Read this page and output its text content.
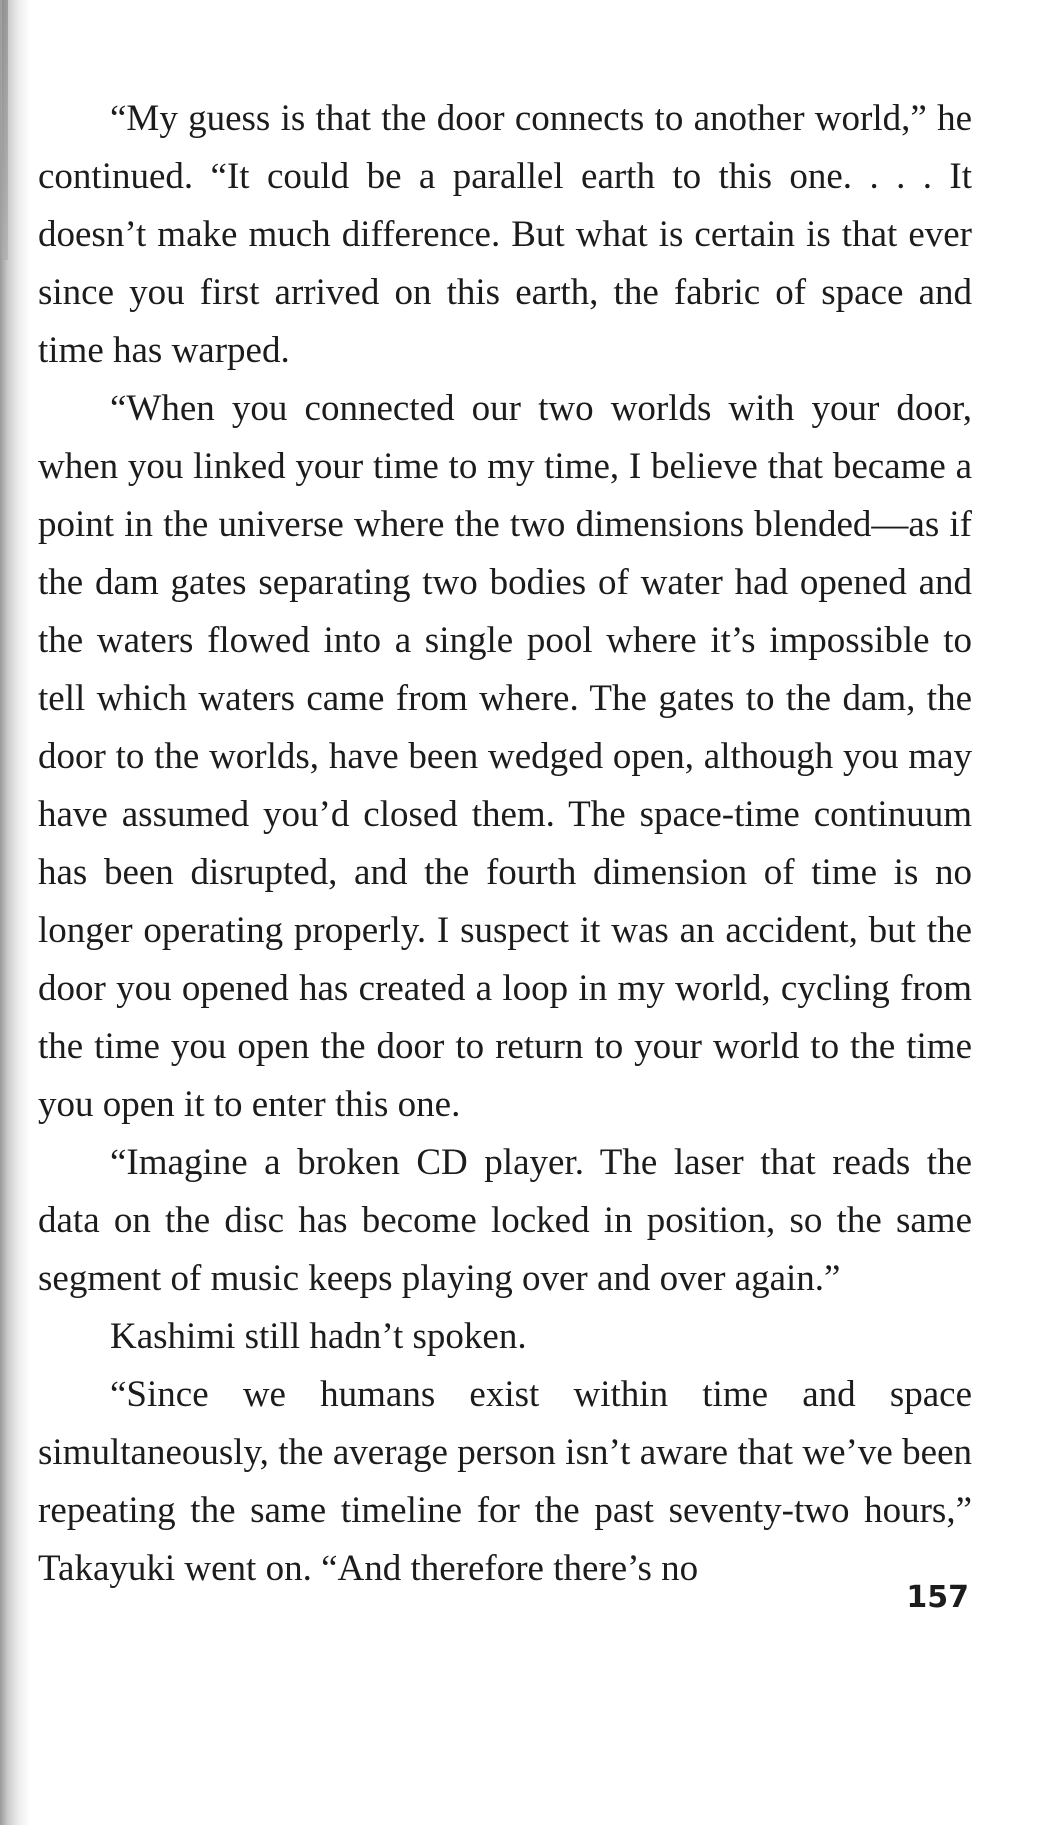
“My guess is that the door connects to another world,” he continued. “It could be a parallel earth to this one. . . . It doesn’t make much difference. But what is certain is that ever since you first arrived on this earth, the fabric of space and time has warped.

“When you connected our two worlds with your door, when you linked your time to my time, I believe that became a point in the universe where the two dimensions blended—as if the dam gates separating two bodies of water had opened and the waters flowed into a single pool where it’s impossible to tell which waters came from where. The gates to the dam, the door to the worlds, have been wedged open, although you may have assumed you’d closed them. The space-time continuum has been disrupted, and the fourth dimension of time is no longer operating properly. I suspect it was an accident, but the door you opened has created a loop in my world, cycling from the time you open the door to return to your world to the time you open it to enter this one.

“Imagine a broken CD player. The laser that reads the data on the disc has become locked in position, so the same segment of music keeps playing over and over again.”

Kashimi still hadn’t spoken.

“Since we humans exist within time and space simultaneously, the average person isn’t aware that we’ve been repeating the same timeline for the past seventy-two hours,” Takayuki went on. “And therefore there’s no

157
